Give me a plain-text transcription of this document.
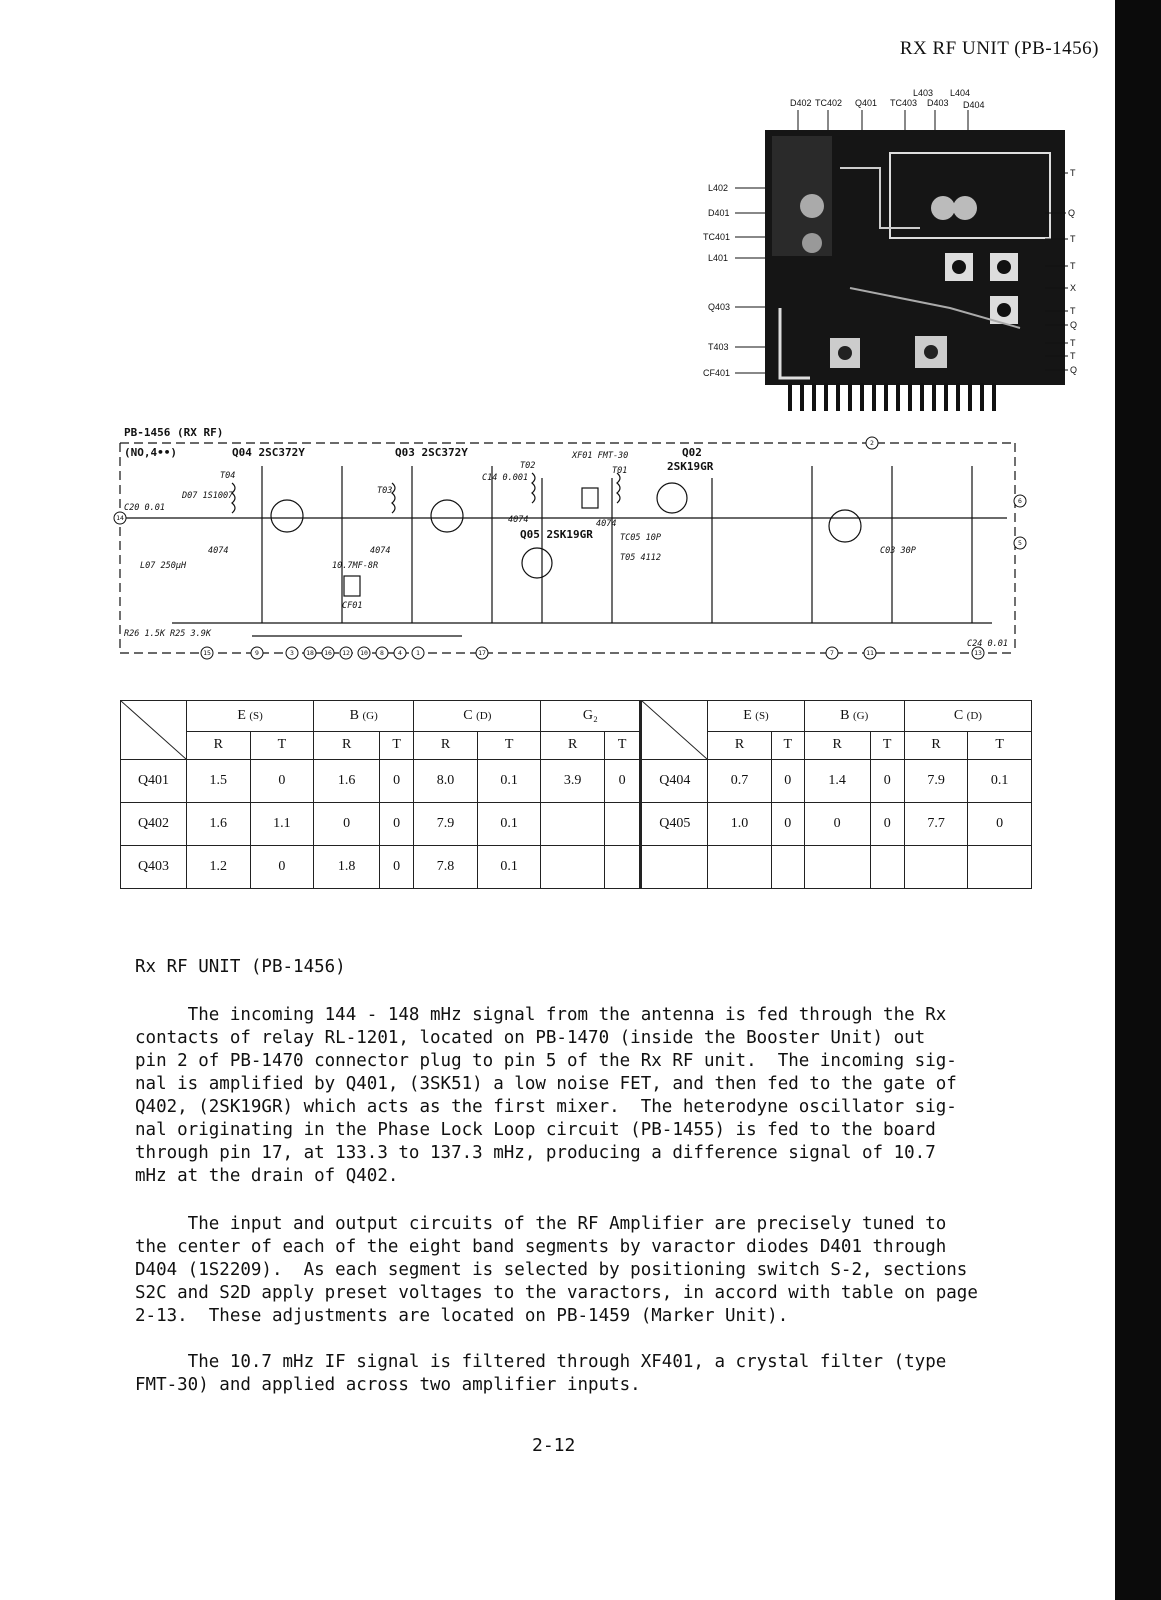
RX RF UNIT (PB-1456)
D402 TC402 Q401 TC403
L403
D403
L404
D404
L402
D401
TC401
L401
Q403
T403
CF401
T
Q
T
T
X
T
Q
T
T
Q
14
15	9	3 18 16 12 10 8 4 1	17	7	11	13
2
6
5
PB-1456 (RX RF)
(NO,4••)	Q04 2SC372Y	Q03 2SC372Y	Q02
2SK19GR
Q05 2SK19GR
XF01 FMT-30
T04
T03
T02	T01
4074	4074
4074	4074
C14 0.001
D07 1S1007
C20 0.01
L07 250μH
R26 1.5K R25 3.9K
10.7MF-8R
CF01
TC05 10P
T05 4112
C03 30P
C24 0.01
	E (S)		B (G)		C (D)		G₂			E (S)		B (G)		C (D)	
	R	T	R	T	R	T	R	T		R	T	R	T	R	T
Q401	1.5	0	1.6	0	8.0	0.1	3.9	0	Q404	0.7	0	1.4	0	7.9	0.1
Q402	1.6	1.1	0	0	7.9	0.1			Q405	1.0	0	0	0	7.7	0
Q403	1.2	0	1.8	0	7.8	0.1									
Rx RF UNIT (PB-1456)
The incoming 144 - 148 mHz signal from the antenna is fed through the Rx
contacts of relay RL-1201, located on PB-1470 (inside the Booster Unit) out
pin 2 of PB-1470 connector plug to pin 5 of the Rx RF unit.  The incoming sig-
nal is amplified by Q401, (3SK51) a low noise FET, and then fed to the gate of
Q402, (2SK19GR) which acts as the first mixer.  The heterodyne oscillator sig-
nal originating in the Phase Lock Loop circuit (PB-1455) is fed to the board
through pin 17, at 133.3 to 137.3 mHz, producing a difference signal of 10.7
mHz at the drain of Q402.
The input and output circuits of the RF Amplifier are precisely tuned to
the center of each of the eight band segments by varactor diodes D401 through
D404 (1S2209).  As each segment is selected by positioning switch S-2, sections
S2C and S2D apply preset voltages to the varactors, in accord with table on page
2-13.  These adjustments are located on PB-1459 (Marker Unit).
The 10.7 mHz IF signal is filtered through XF401, a crystal filter (type
FMT-30) and applied across two amplifier inputs.
2-12
